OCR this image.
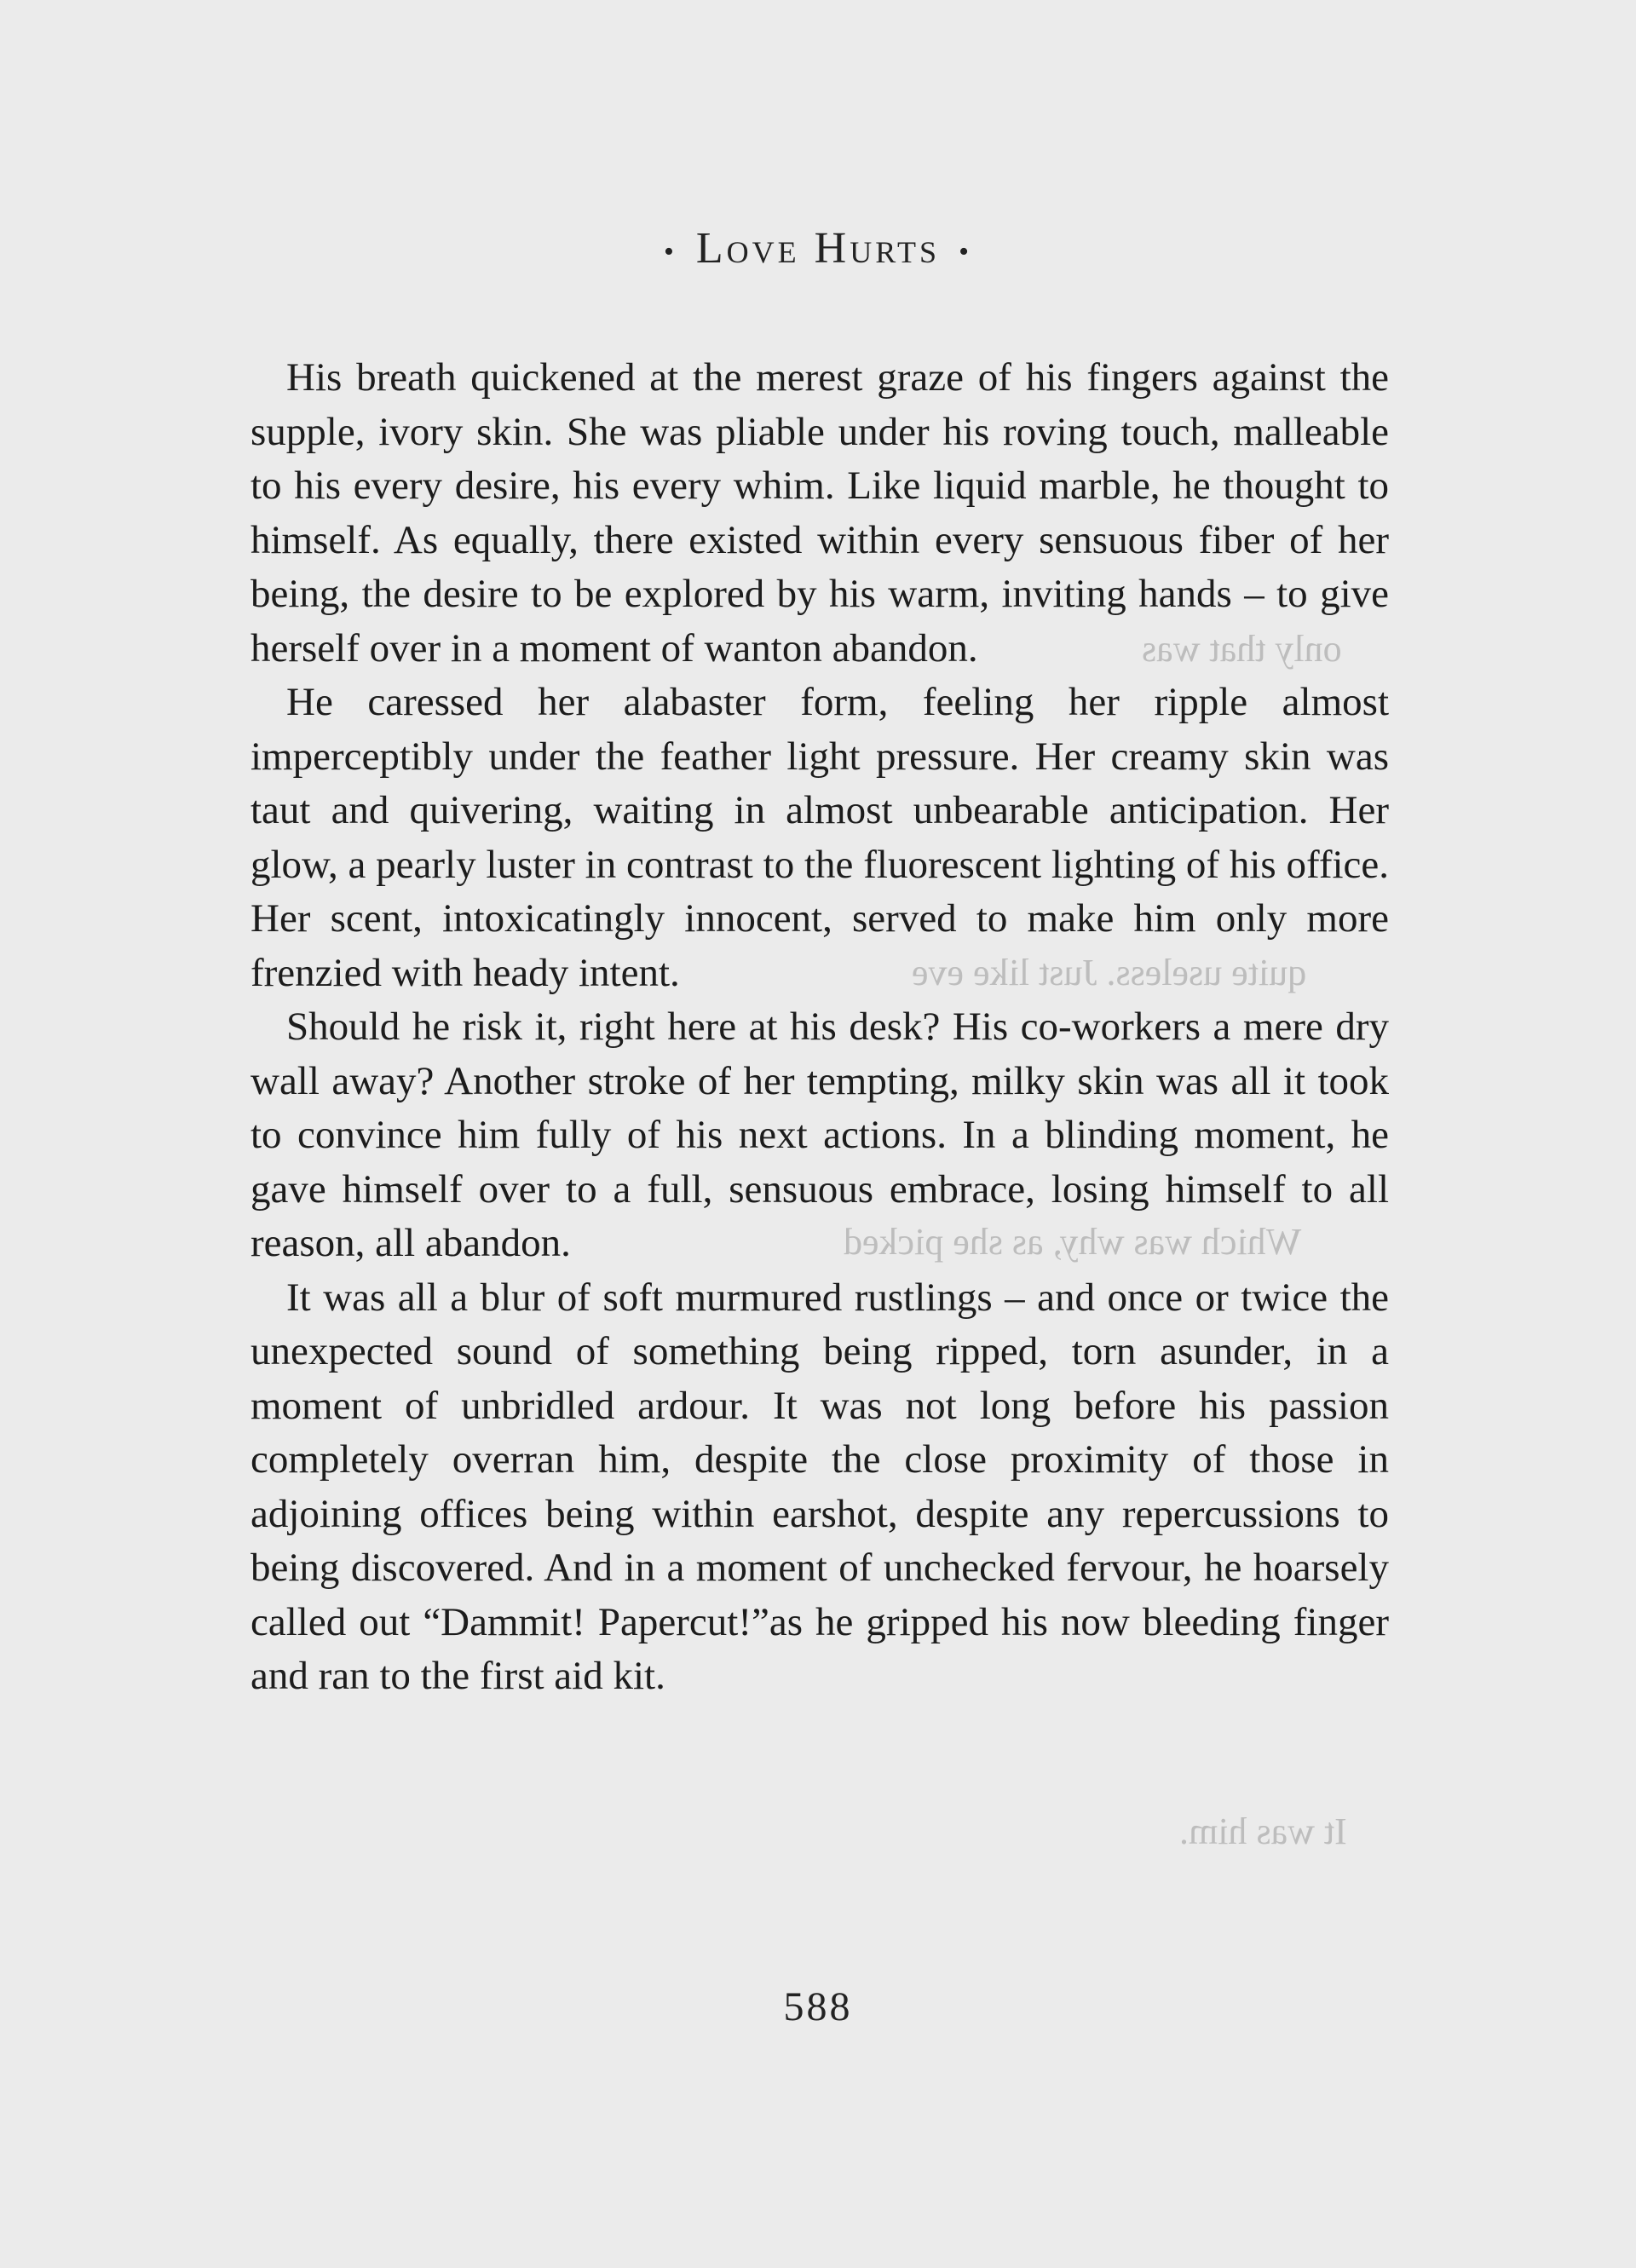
• Love Hurts •
only that was
quite useless. Just like eve
Which was why, as she picked
It was him.

His breath quickened at the merest graze of his fingers against the supple, ivory skin. She was pliable under his roving touch, malleable to his every desire, his every whim. Like liquid marble, he thought to himself. As equally, there existed within every sensuous fiber of her being, the desire to be explored by his warm, inviting hands – to give herself over in a moment of wanton abandon.

He caressed her alabaster form, feeling her ripple almost imperceptibly under the feather light pressure. Her creamy skin was taut and quivering, waiting in almost unbearable anticipation. Her glow, a pearly luster in contrast to the fluorescent lighting of his office. Her scent, intoxicatingly innocent, served to make him only more frenzied with heady intent.

Should he risk it, right here at his desk? His co-workers a mere dry wall away? Another stroke of her tempting, milky skin was all it took to convince him fully of his next actions. In a blinding moment, he gave himself over to a full, sensuous embrace, losing himself to all reason, all abandon.

It was all a blur of soft murmured rustlings – and once or twice the unexpected sound of something being ripped, torn asunder, in a moment of unbridled ardour. It was not long before his passion completely overran him, despite the close proximity of those in adjoining offices being within earshot, despite any repercussions to being discovered. And in a moment of unchecked fervour, he hoarsely called out “Dammit! Papercut!”as he gripped his now bleeding finger and ran to the first aid kit.

588
